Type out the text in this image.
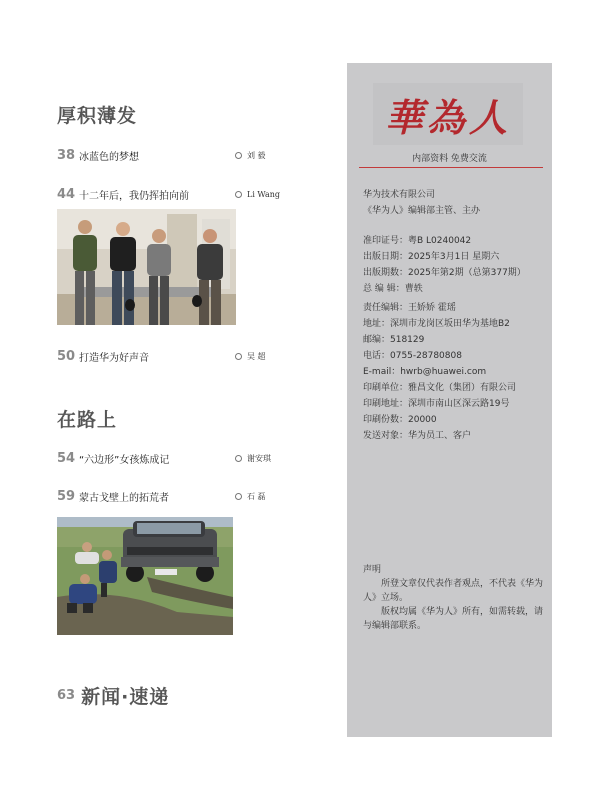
厚积薄发
38 冰蓝色的梦想	刘 毅
44 十二年后，我仍挥拍向前	Li Wang
50 打造华为好声音	吴 超
在路上
54 “六边形”女孩炼成记	谢安琪
59 蒙古戈壁上的拓荒者	石 磊
63 新闻·速递
華為人
内部资料 免费交流
华为技术有限公司
《华为人》编辑部主管、主办
准印证号：粤B L0240042
出版日期：2025年3月1日 星期六
出版期数：2025年第2期（总第377期）
总 编 辑：曹轶
责任编辑：王娇娇 霍瑶
地址：深圳市龙岗区坂田华为基地B2
邮编：518129
电话：0755-28780808
E-mail：hwrb@huawei.com
印刷单位：雅昌文化（集团）有限公司
印刷地址：深圳市南山区深云路19号
印刷份数：20000
发送对象：华为员工、客户

声明

所登文章仅代表作者观点，不代表《华为人》立场。

版权均属《华为人》所有，如需转载，请与编辑部联系。
